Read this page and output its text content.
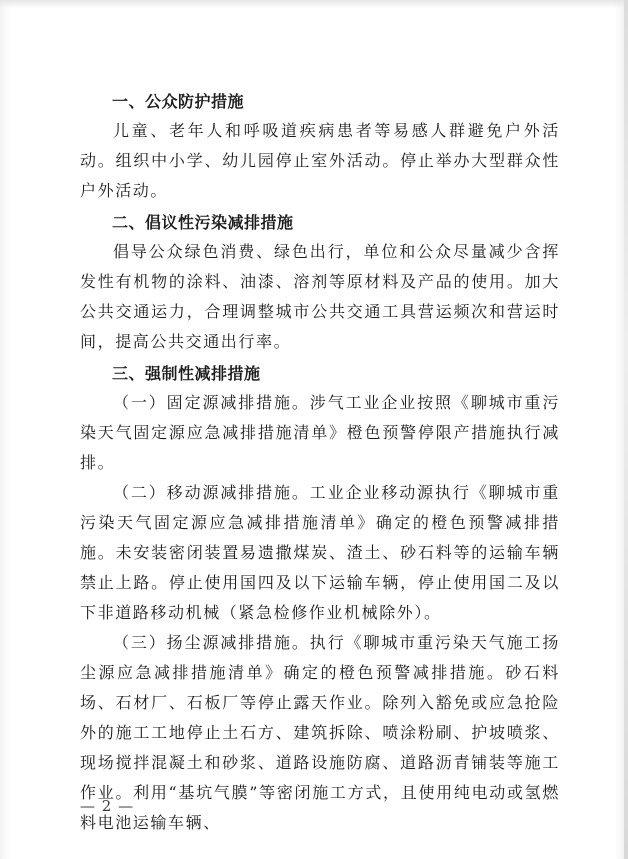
一、公众防护措施

儿童、老年人和呼吸道疾病患者等易感人群避免户外活动。组织中小学、幼儿园停止室外活动。停止举办大型群众性户外活动。

二、倡议性污染减排措施

倡导公众绿色消费、绿色出行，单位和公众尽量减少含挥发性有机物的涂料、油漆、溶剂等原材料及产品的使用。加大公共交通运力，合理调整城市公共交通工具营运频次和营运时间，提高公共交通出行率。

三、强制性减排措施

（一）固定源减排措施。涉气工业企业按照《聊城市重污染天气固定源应急减排措施清单》橙色预警停限产措施执行减排。

（二）移动源减排措施。工业企业移动源执行《聊城市重污染天气固定源应急减排措施清单》确定的橙色预警减排措施。未安装密闭装置易遗撒煤炭、渣土、砂石料等的运输车辆禁止上路。停止使用国四及以下运输车辆，停止使用国二及以下非道路移动机械（紧急检修作业机械除外）。

（三）扬尘源减排措施。执行《聊城市重污染天气施工扬尘源应急减排措施清单》确定的橙色预警减排措施。砂石料场、石材厂、石板厂等停止露天作业。除列入豁免或应急抢险外的施工工地停止土石方、建筑拆除、喷涂粉刷、护坡喷浆、现场搅拌混凝土和砂浆、道路设施防腐、道路沥青铺装等施工作业。利用“基坑气膜”等密闭施工方式，且使用纯电动或氢燃料电池运输车辆、

— 2 —
